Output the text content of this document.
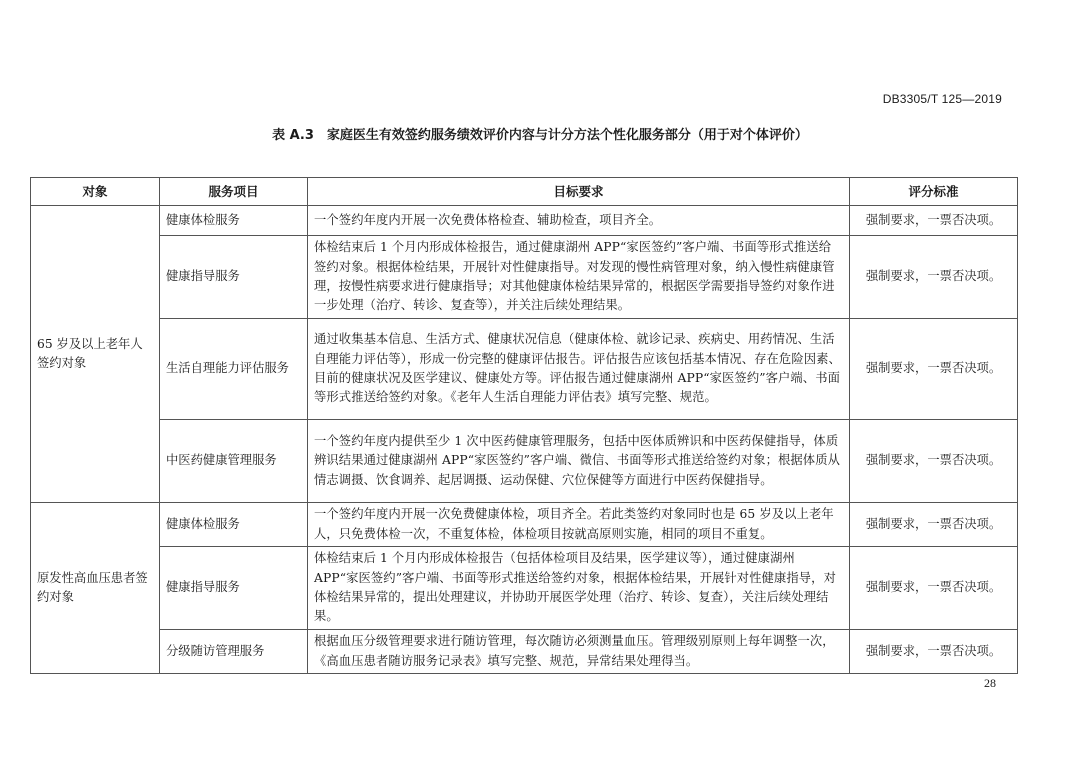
DB3305/T 125—2019
表 A.3　家庭医生有效签约服务绩效评价内容与计分方法个性化服务部分（用于对个体评价）
对象	服务项目	目标要求	评分标准
65 岁及以上老年人签约对象	健康体检服务	一个签约年度内开展一次免费体格检查、辅助检查，项目齐全。	强制要求，一票否决项。
	健康指导服务	体检结束后 1 个月内形成体检报告，通过健康湖州 APP“家医签约”客户端、书面等形式推送给签约对象。根据体检结果，开展针对性健康指导。对发现的慢性病管理对象，纳入慢性病健康管理，按慢性病要求进行健康指导；对其他健康体检结果异常的，根据医学需要指导签约对象作进一步处理（治疗、转诊、复查等），并关注后续处理结果。	强制要求，一票否决项。
	生活自理能力评估服务	通过收集基本信息、生活方式、健康状况信息（健康体检、就诊记录、疾病史、用药情况、生活自理能力评估等），形成一份完整的健康评估报告。评估报告应该包括基本情况、存在危险因素、目前的健康状况及医学建议、健康处方等。评估报告通过健康湖州 APP“家医签约”客户端、书面等形式推送给签约对象。《老年人生活自理能力评估表》填写完整、规范。	强制要求，一票否决项。
	中医药健康管理服务	一个签约年度内提供至少 1 次中医药健康管理服务，包括中医体质辨识和中医药保健指导，体质辨识结果通过健康湖州 APP“家医签约”客户端、微信、书面等形式推送给签约对象；根据体质从情志调摄、饮食调养、起居调摄、运动保健、穴位保健等方面进行中医药保健指导。	强制要求，一票否决项。
原发性高血压患者签约对象	健康体检服务	一个签约年度内开展一次免费健康体检，项目齐全。若此类签约对象同时也是 65 岁及以上老年人，只免费体检一次，不重复体检，体检项目按就高原则实施，相同的项目不重复。	强制要求，一票否决项。
	健康指导服务	体检结束后 1 个月内形成体检报告（包括体检项目及结果，医学建议等），通过健康湖州 APP“家医签约”客户端、书面等形式推送给签约对象，根据体检结果，开展针对性健康指导，对体检结果异常的，提出处理建议，并协助开展医学处理（治疗、转诊、复查），关注后续处理结果。	强制要求，一票否决项。
	分级随访管理服务	根据血压分级管理要求进行随访管理，每次随访必须测量血压。管理级别原则上每年调整一次，《高血压患者随访服务记录表》填写完整、规范，异常结果处理得当。	强制要求，一票否决项。
28
